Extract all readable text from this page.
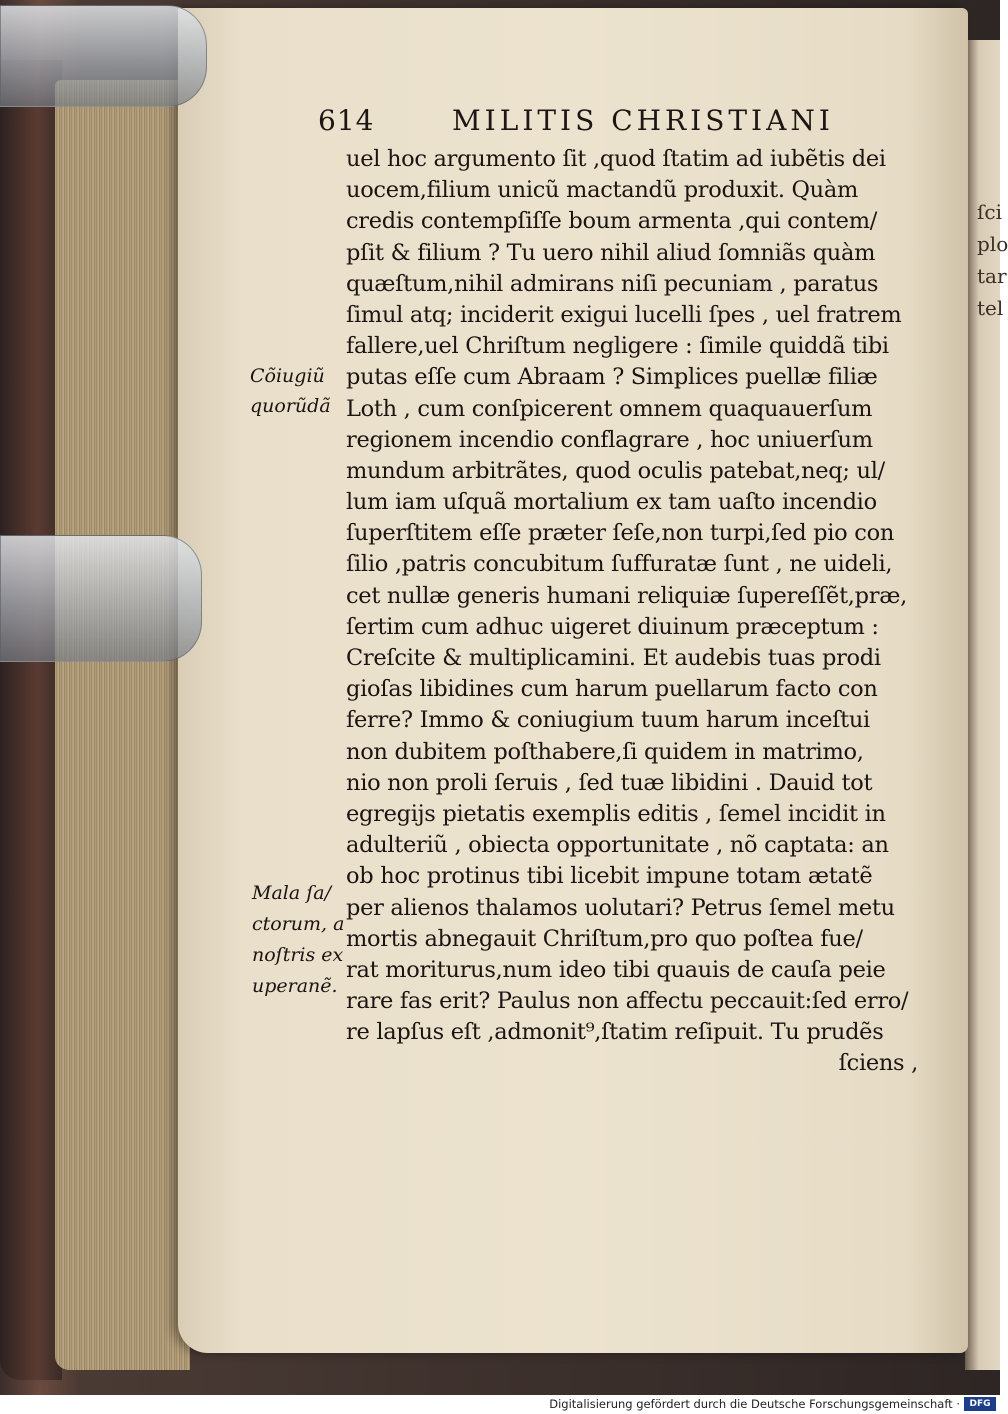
ſci
plo
tar
tel
614	MILITIS CHRISTIANI
Cõiugiũ
quorũdã
Mala ſa/
ctorum, a
noſtris ex
uperanẽ.
uel hoc argumento ſit ,quod ſtatim ad iubẽtis dei
uocem,filium unicũ mactandũ produxit. Quàm
credis contempſiſſe boum armenta ,qui contem/
pſit & filium ? Tu uero nihil aliud ſomniãs quàm
quæſtum,nihil admirans niſi pecuniam , paratus
ſimul atq; inciderit exigui lucelli ſpes , uel fratrem
fallere,uel Chriſtum negligere : ſimile quiddã tibi
putas eſſe cum Abraam ? Simplices puellæ filiæ
Loth , cum conſpicerent omnem quaquauerſum
regionem incendio conflagrare , hoc uniuerſum
mundum arbitrãtes, quod oculis patebat,neq; ul/
lum iam uſquã mortalium ex tam uaſto incendio
ſuperſtitem eſſe præter ſeſe,non turpi,ſed pio con
ſilio ,patris concubitum ſuffuratæ ſunt , ne uideli,
cet nullæ generis humani reliquiæ ſupereſſẽt,præ,
ſertim cum adhuc uigeret diuinum præceptum :
Creſcite & multiplicamini. Et audebis tuas prodi
gioſas libidines cum harum puellarum facto con
ferre? Immo & coniugium tuum harum inceſtui
non dubitem poſthabere,ſi quidem in matrimo,
nio non proli ſeruis , ſed tuæ libidini . Dauid tot
egregijs pietatis exemplis editis , ſemel incidit in
adulteriũ , obiecta opportunitate , nõ captata: an
ob hoc protinus tibi licebit impune totam ætatẽ
per alienos thalamos uolutari? Petrus ſemel metu
mortis abnegauit Chriſtum,pro quo poſtea fue/
rat moriturus,num ideo tibi quauis de cauſa peie
rare fas erit? Paulus non affectu peccauit:ſed erro/
re lapſus eſt ,admonit⁹,ſtatim reſipuit. Tu prudẽs
ſciens ,
Digitalisierung gefördert durch die Deutsche Forschungsgemeinschaft ·	DFG
